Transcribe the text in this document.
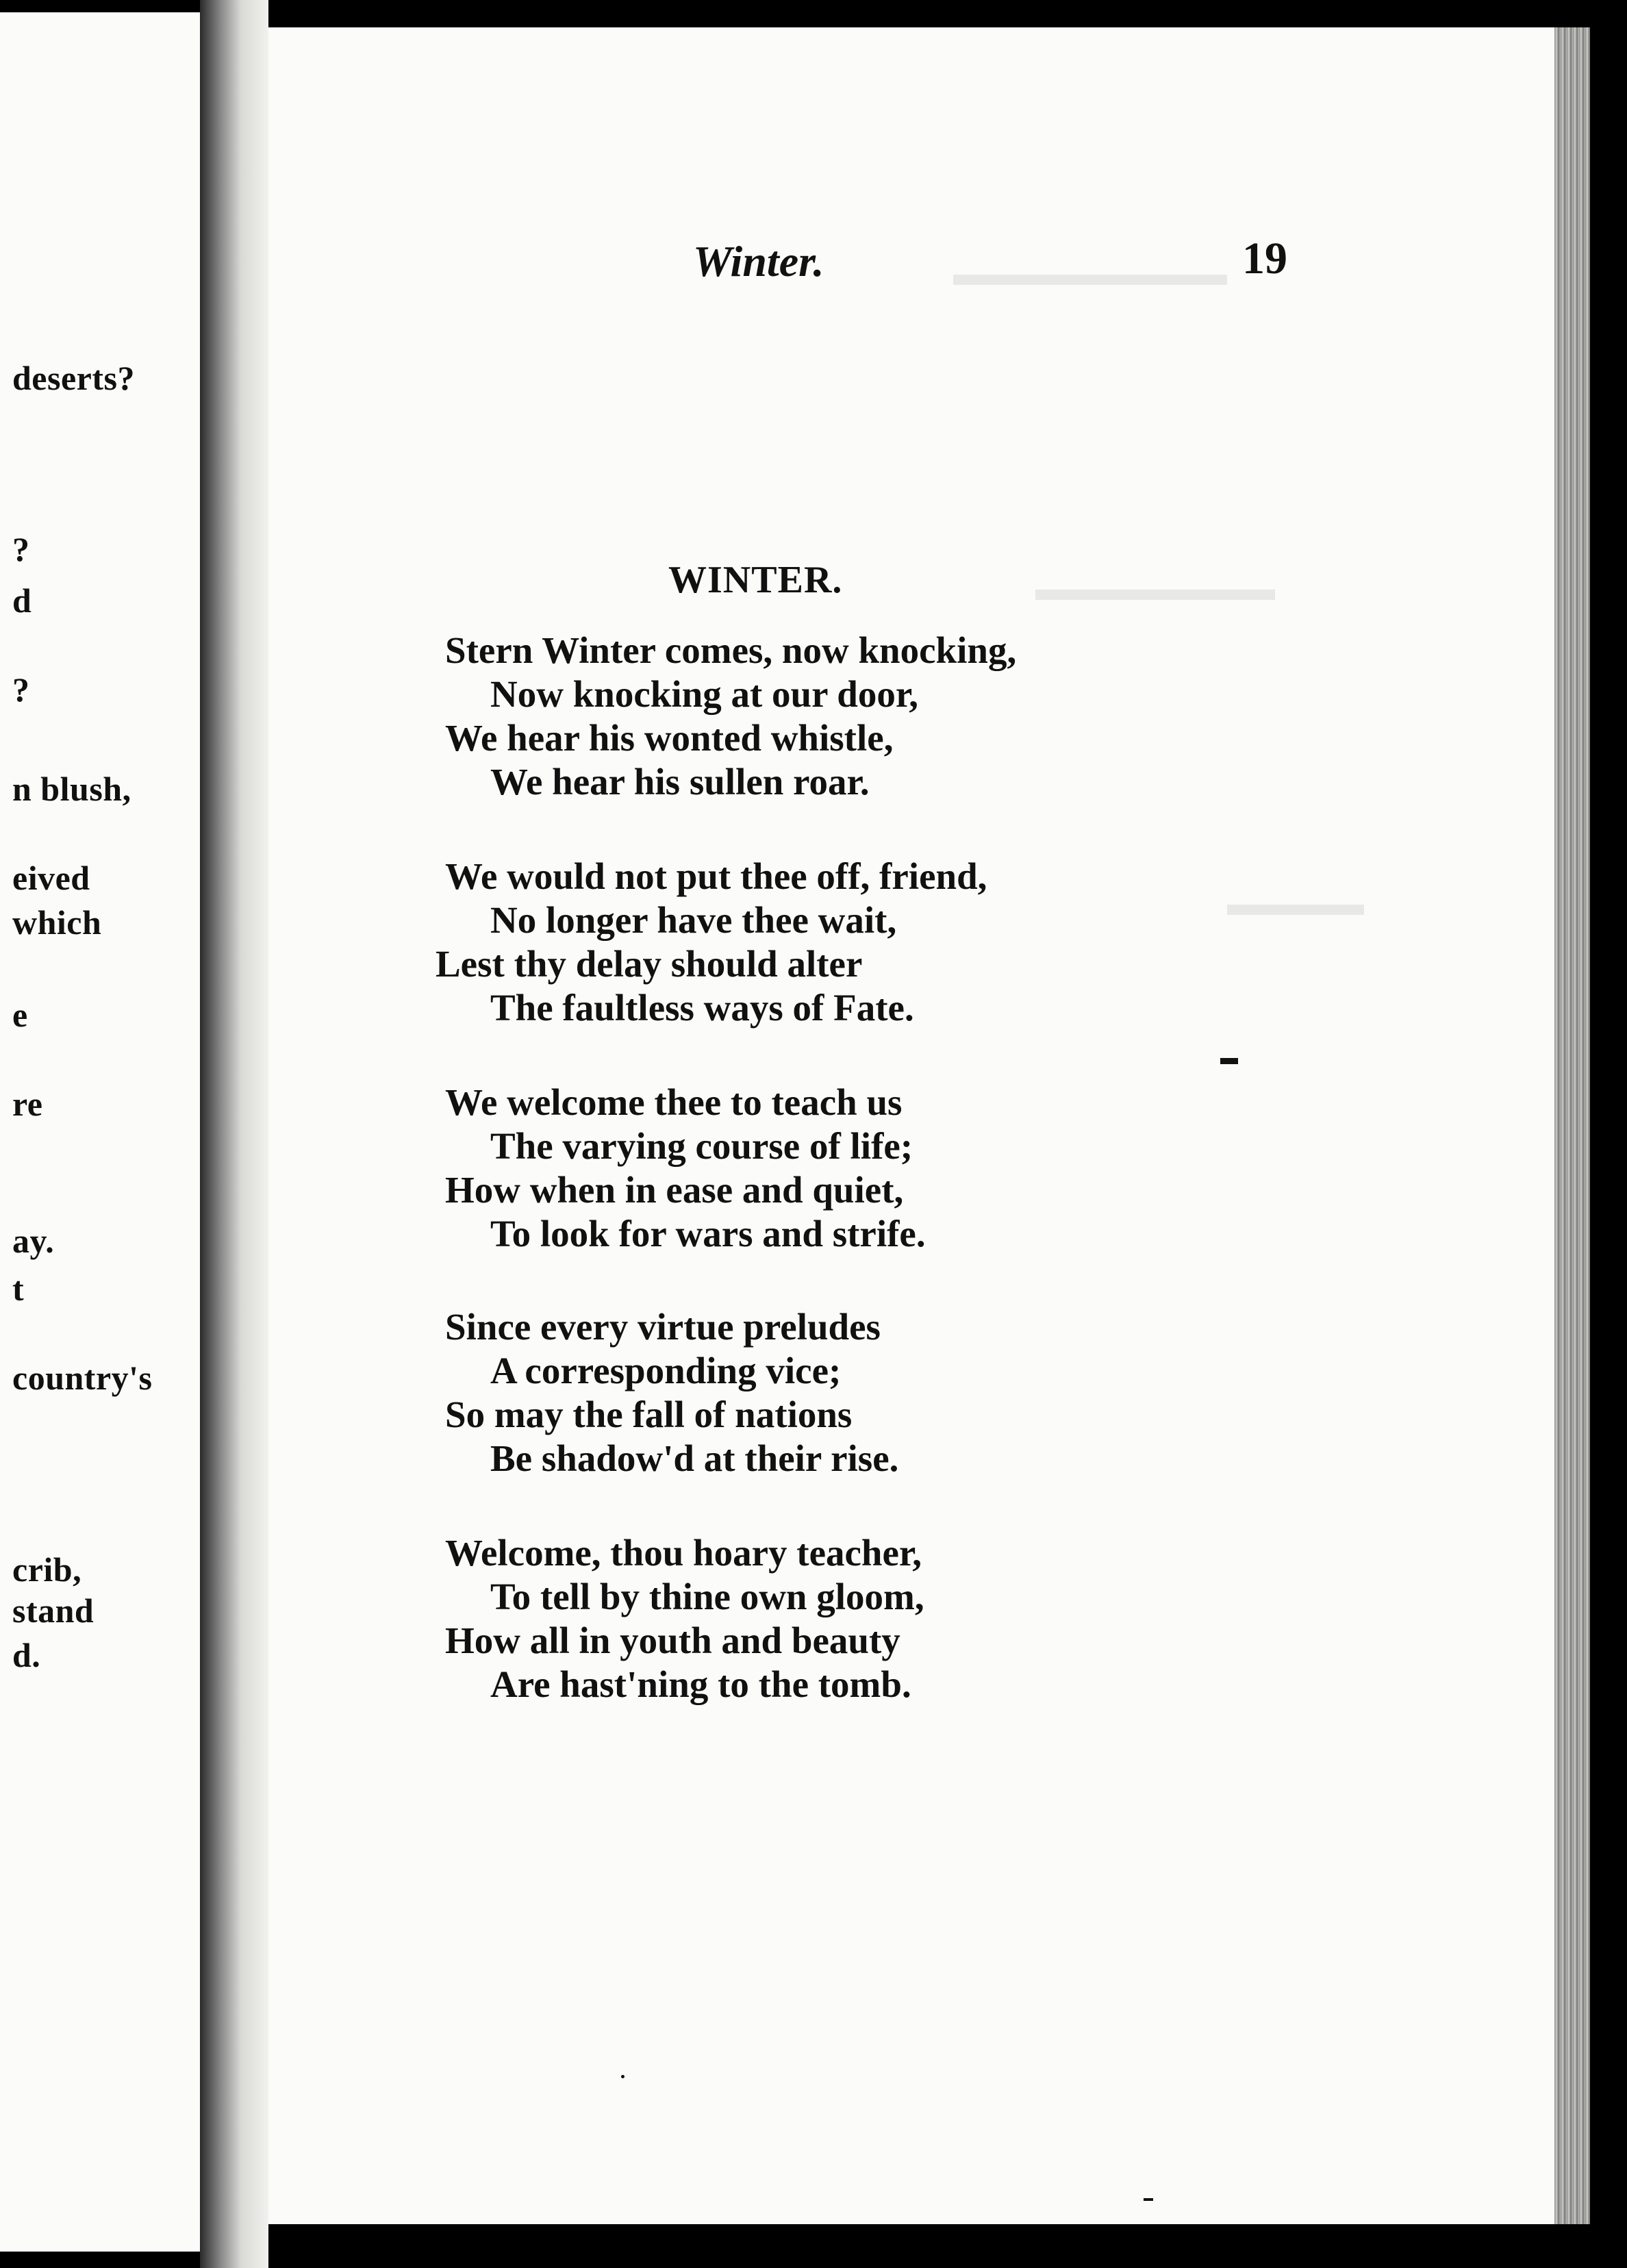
deserts?
?
d
?
n blush,
eived
which
e
re
ay.
t
country's
crib,
stand
d.
▬▬▬▬▬▬▬▬
▬▬▬▬▬▬▬
▬▬▬▬
Winter.	19
WINTER.
Stern Winter comes, now knocking,
Now knocking at our door,
We hear his wonted whistle,
We hear his sullen roar.
We would not put thee off, friend,
No longer have thee wait,
Lest thy delay should alter
The faultless ways of Fate.
We welcome thee to teach us
The varying course of life;
How when in ease and quiet,
To look for wars and strife.
Since every virtue preludes
A corresponding vice;
So may the fall of nations
Be shadow'd at their rise.
Welcome, thou hoary teacher,
To tell by thine own gloom,
How all in youth and beauty
Are hast'ning to the tomb.
